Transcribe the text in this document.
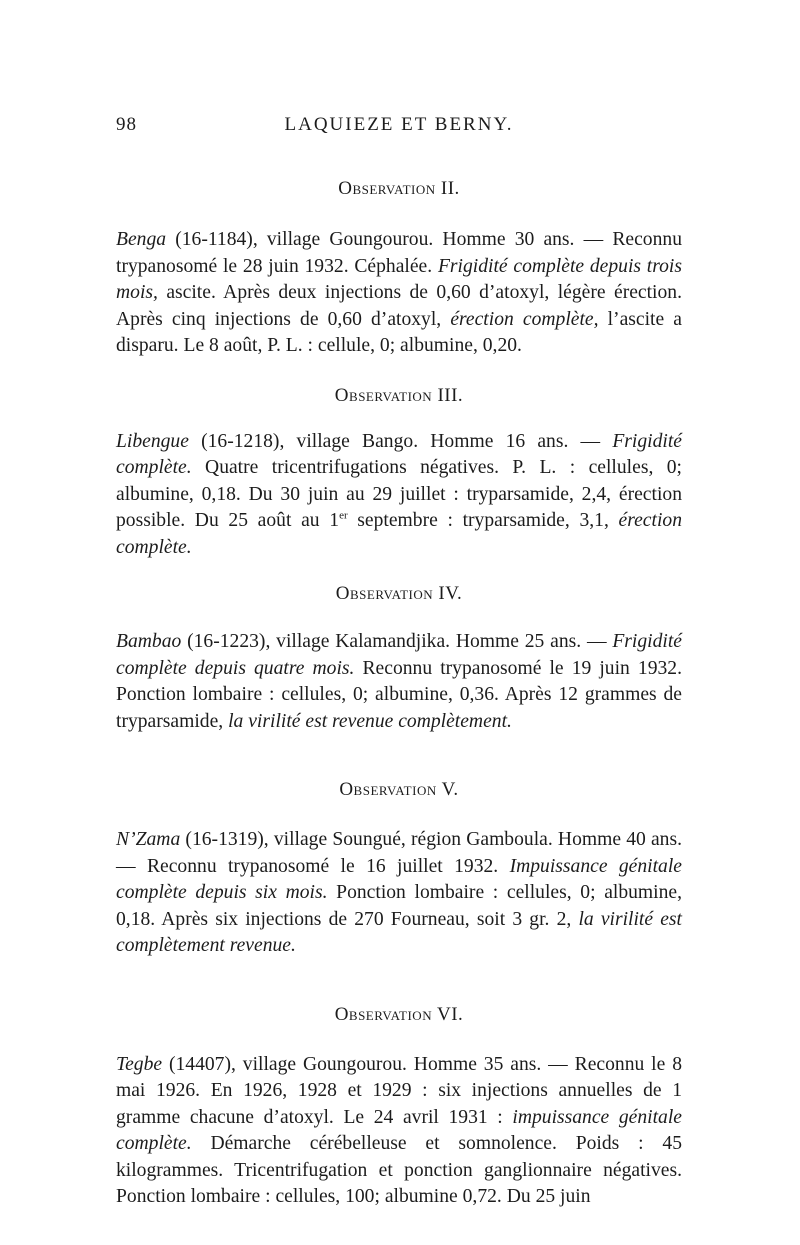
98	LAQUIEZE ET BERNY.
Observation II.

Benga (16-1184), village Goungourou. Homme 30 ans. — Reconnu trypanosomé le 28 juin 1932. Céphalée. Frigidité complète depuis trois mois, ascite. Après deux injections de 0,60 d’atoxyl, légère érection. Après cinq injections de 0,60 d’atoxyl, érection complète, l’ascite a disparu. Le 8 août, P. L. : cellule, 0; albumine, 0,20.

Observation III.

Libengue (16-1218), village Bango. Homme 16 ans. — Frigidité complète. Quatre tricentrifugations négatives. P. L. : cellules, 0; albumine, 0,18. Du 30 juin au 29 juillet : tryparsamide, 2,4, érection possible. Du 25 août au 1er septembre : tryparsamide, 3,1, érection complète.

Observation IV.

Bambao (16-1223), village Kalamandjika. Homme 25 ans. — Frigidité complète depuis quatre mois. Reconnu trypanosomé le 19 juin 1932. Ponction lombaire : cellules, 0; albumine, 0,36. Après 12 grammes de tryparsamide, la virilité est revenue complètement.

Observation V.

N’Zama (16-1319), village Soungué, région Gamboula. Homme 40 ans. — Reconnu trypanosomé le 16 juillet 1932. Impuissance génitale complète depuis six mois. Ponction lombaire : cellules, 0; albumine, 0,18. Après six injections de 270 Fourneau, soit 3 gr. 2, la virilité est complètement revenue.

Observation VI.

Tegbe (14407), village Goungourou. Homme 35 ans. — Reconnu le 8 mai 1926. En 1926, 1928 et 1929 : six injections annuelles de 1 gramme chacune d’atoxyl. Le 24 avril 1931 : impuissance génitale complète. Démarche cérébelleuse et somnolence. Poids : 45 kilogrammes. Tricentrifugation et ponction ganglionnaire négatives. Ponction lombaire : cellules, 100; albumine 0,72. Du 25 juin
